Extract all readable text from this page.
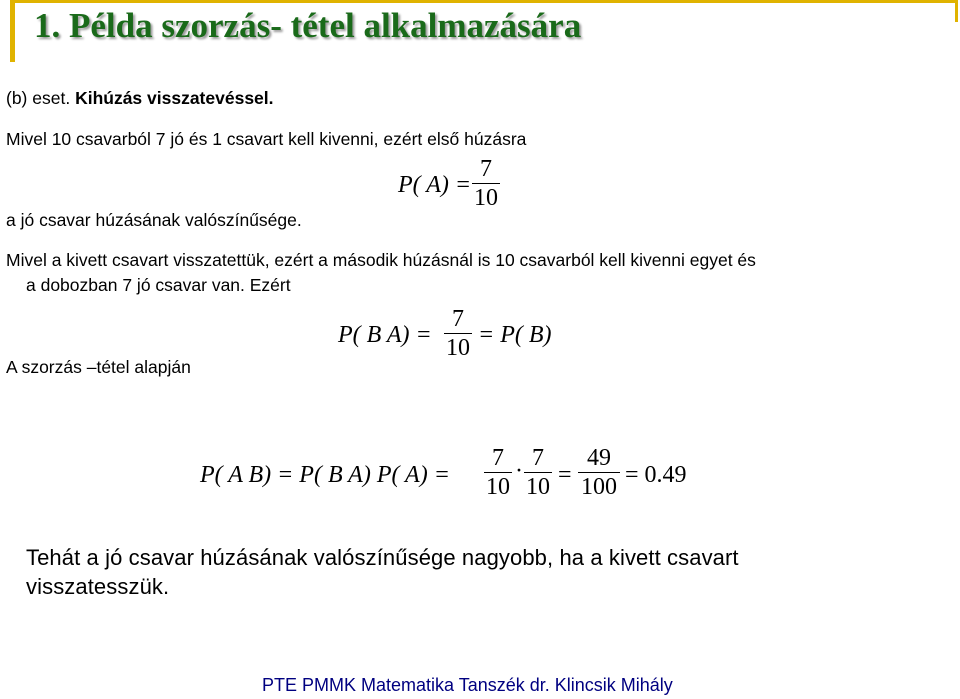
1. Példa szorzás- tétel alkalmazására
(b) eset. Kihúzás visszatevéssel.
Mivel 10 csavarból 7 jó és 1 csavart kell kivenni, ezért első húzásra
a jó csavar húzásának valószínűsége.
P( A) =
7
10
Mivel a kivett csavart visszatettük, ezért a második húzásnál is 10 csavarból kell kivenni egyet és
a dobozban 7 jó csavar van. Ezért
P( B A) =
7
10 = P( B)
A szorzás –tétel alapján
P( A B) = P( B A) P( A) =
7
10
· 7
10 =
49
100 = 0.49
Tehát a jó csavar húzásának valószínűsége nagyobb, ha a kivett csavart
visszatesszük.
PTE PMMK Matematika Tanszék dr. Klincsik Mihály
